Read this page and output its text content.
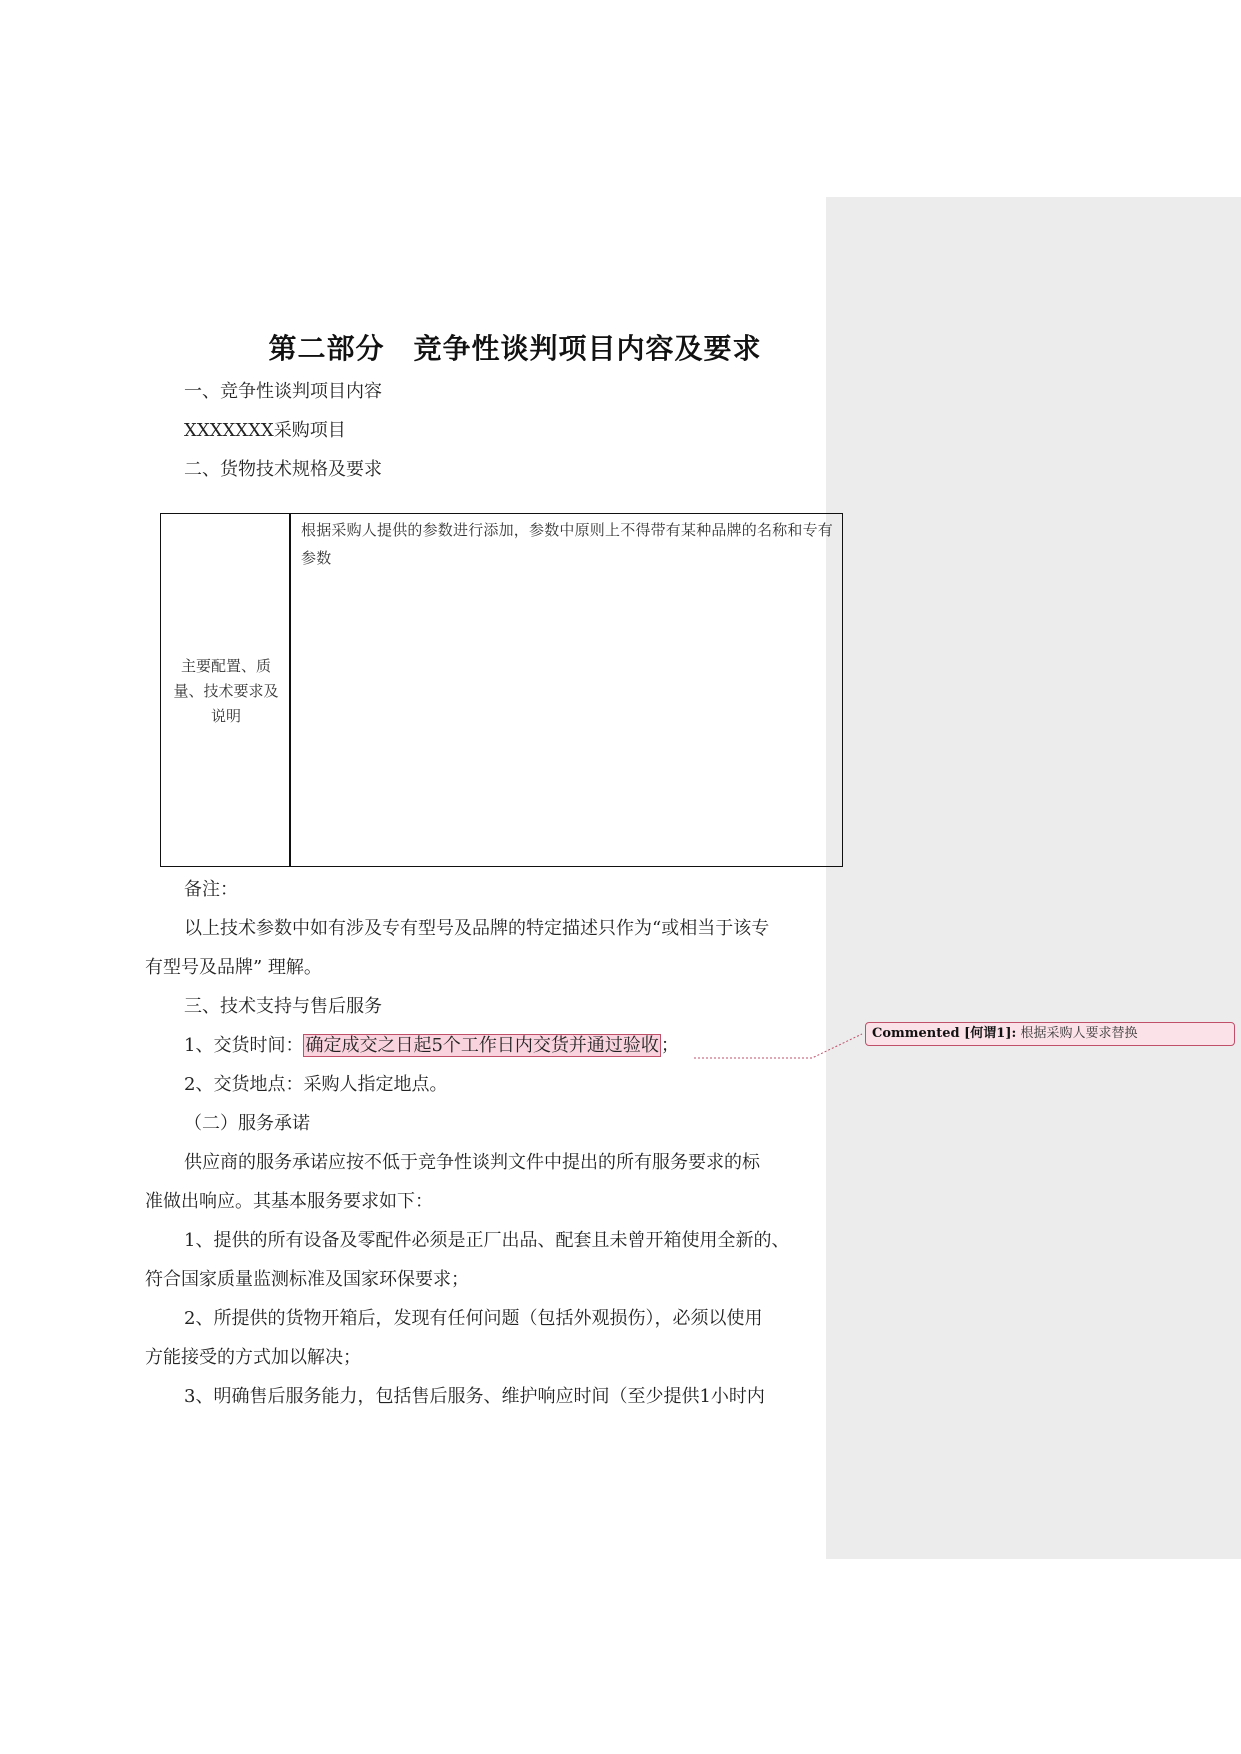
第二部分　竞争性谈判项目内容及要求
一、竞争性谈判项目内容
XXXXXXX采购项目
二、货物技术规格及要求
主要配置、质量、技术要求及说明
根据采购人提供的参数进行添加，参数中原则上不得带有某种品牌的名称和专有参数
备注：
以上技术参数中如有涉及专有型号及品牌的特定描述只作为“或相当于该专
有型号及品牌” 理解。
三、技术支持与售后服务
1、交货时间： 确定成交之日起5个工作日内交货并通过验收 ；
2、交货地点：采购人指定地点。
（二）服务承诺
供应商的服务承诺应按不低于竞争性谈判文件中提出的所有服务要求的标
准做出响应。其基本服务要求如下：
1、提供的所有设备及零配件必须是正厂出品、配套且未曾开箱使用全新的、
符合国家质量监测标准及国家环保要求；
2、所提供的货物开箱后，发现有任何问题（包括外观损伤），必须以使用
方能接受的方式加以解决；
3、明确售后服务能力，包括售后服务、维护响应时间（至少提供1小时内
Commented [何谓1]: 根据采购人要求替换
